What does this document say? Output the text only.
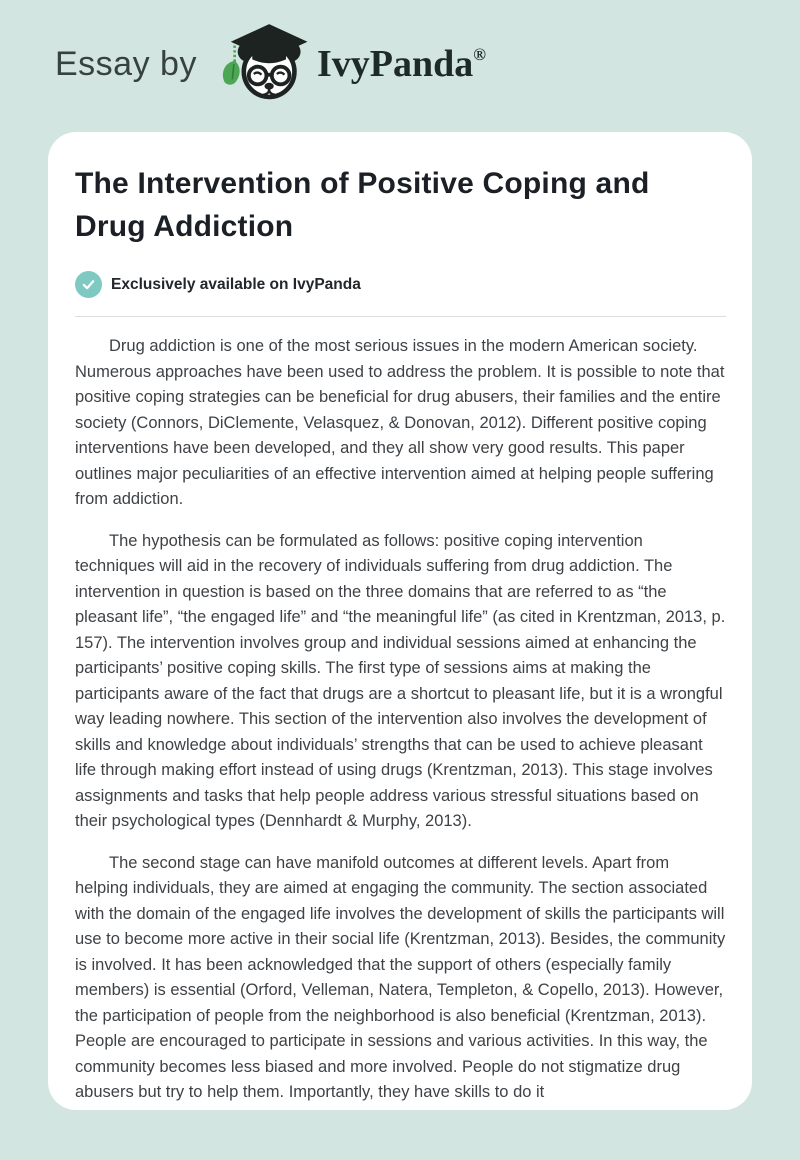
Essay by	IvyPanda®
The Intervention of Positive Coping and Drug Addiction
Exclusively available on IvyPanda

Drug addiction is one of the most serious issues in the modern American society. Numerous approaches have been used to address the problem. It is possible to note that positive coping strategies can be beneficial for drug abusers, their families and the entire society (Connors, DiClemente, Velasquez, & Donovan, 2012). Different positive coping interventions have been developed, and they all show very good results. This paper outlines major peculiarities of an effective intervention aimed at helping people suffering from addiction.

The hypothesis can be formulated as follows: positive coping intervention techniques will aid in the recovery of individuals suffering from drug addiction. The intervention in question is based on the three domains that are referred to as “the pleasant life”, “the engaged life” and “the meaningful life” (as cited in Krentzman, 2013, p. 157). The intervention involves group and individual sessions aimed at enhancing the participants’ positive coping skills. The first type of sessions aims at making the participants aware of the fact that drugs are a shortcut to pleasant life, but it is a wrongful way leading nowhere. This section of the intervention also involves the development of skills and knowledge about individuals’ strengths that can be used to achieve pleasant life through making effort instead of using drugs (Krentzman, 2013). This stage involves assignments and tasks that help people address various stressful situations based on their psychological types (Dennhardt & Murphy, 2013).

The second stage can have manifold outcomes at different levels. Apart from helping individuals, they are aimed at engaging the community. The section associated with the domain of the engaged life involves the development of skills the participants will use to become more active in their social life (Krentzman, 2013). Besides, the community is involved. It has been acknowledged that the support of others (especially family members) is essential (Orford, Velleman, Natera, Templeton, & Copello, 2013). However, the participation of people from the neighborhood is also beneficial (Krentzman, 2013). People are encouraged to participate in sessions and various activities. In this way, the community becomes less biased and more involved. People do not stigmatize drug abusers but try to help them. Importantly, they have skills to do it
